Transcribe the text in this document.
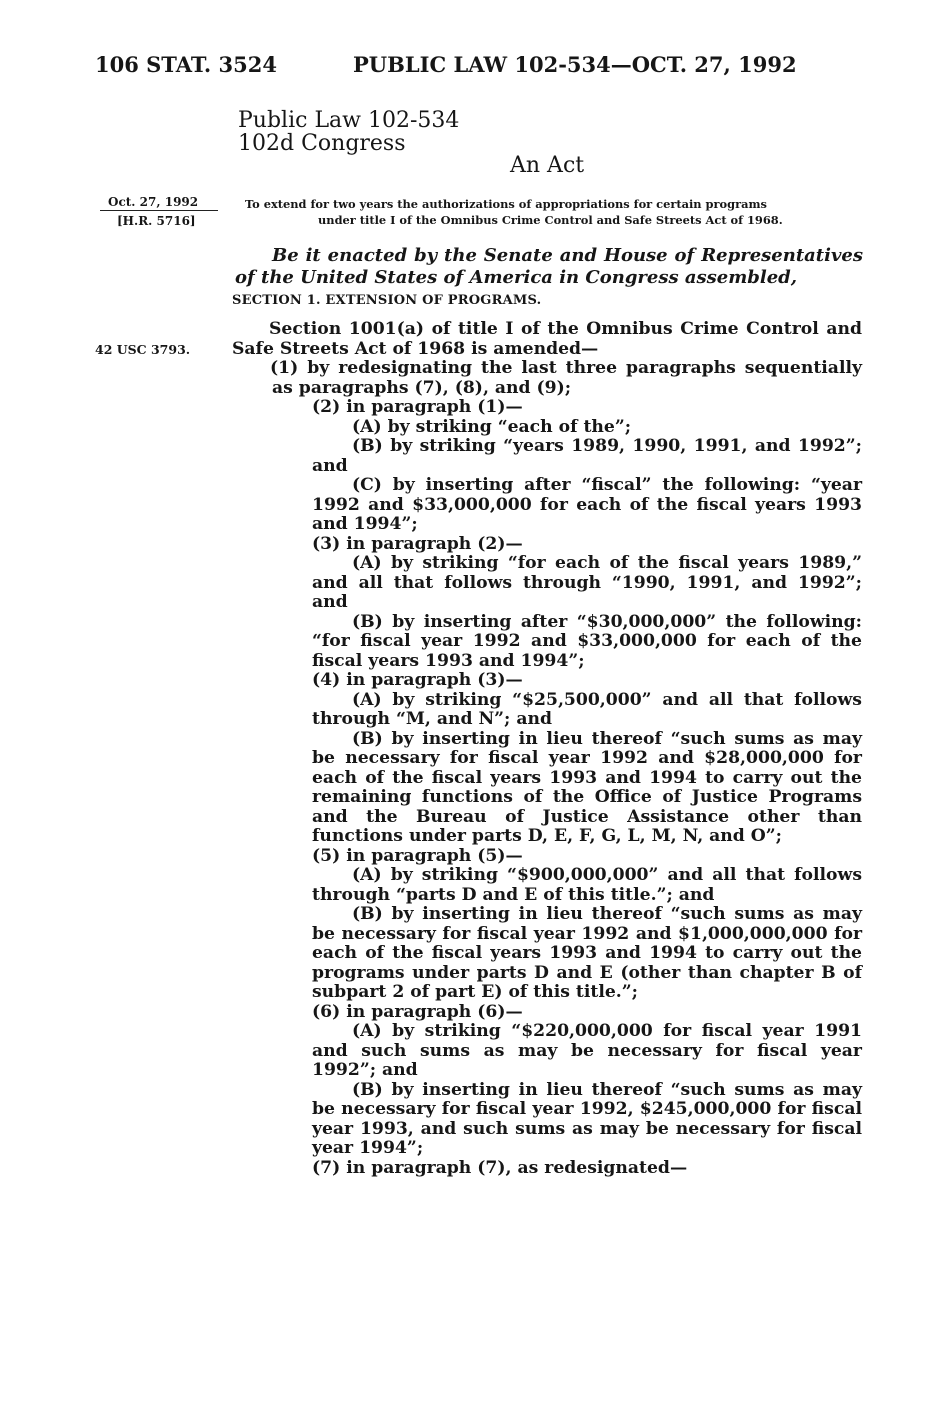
106 STAT. 3524	PUBLIC LAW 102-534—OCT. 27, 1992
Public Law 102-534
102d Congress
An Act
Oct. 27, 1992
[H.R. 5716]
To extend for two years the authorizations of appropriations for certain programs
under title I of the Omnibus Crime Control and Safe Streets Act of 1968.
Be it enacted by the Senate and House of Representatives of the United States of America in Congress assembled,
SECTION 1. EXTENSION OF PROGRAMS.
42 USC 3793.

Section 1001(a) of title I of the Omnibus Crime Control and Safe Streets Act of 1968 is amended—

(1) by redesignating the last three paragraphs sequentially as paragraphs (7), (8), and (9);

(2) in paragraph (1)—

(A) by striking “each of the”;

(B) by striking “years 1989, 1990, 1991, and 1992”; and

(C) by inserting after “fiscal” the following: “year 1992 and $33,000,000 for each of the fiscal years 1993 and 1994”;

(3) in paragraph (2)—

(A) by striking “for each of the fiscal years 1989,” and all that follows through “1990, 1991, and 1992”; and

(B) by inserting after “$30,000,000” the following: “for fiscal year 1992 and $33,000,000 for each of the fiscal years 1993 and 1994”;

(4) in paragraph (3)—

(A) by striking “$25,500,000” and all that follows through “M, and N”; and

(B) by inserting in lieu thereof “such sums as may be necessary for fiscal year 1992 and $28,000,000 for each of the fiscal years 1993 and 1994 to carry out the remaining functions of the Office of Justice Programs and the Bureau of Justice Assistance other than functions under parts D, E, F, G, L, M, N, and O”;

(5) in paragraph (5)—

(A) by striking “$900,000,000” and all that follows through “parts D and E of this title.”; and

(B) by inserting in lieu thereof “such sums as may be necessary for fiscal year 1992 and $1,000,000,000 for each of the fiscal years 1993 and 1994 to carry out the programs under parts D and E (other than chapter B of subpart 2 of part E) of this title.”;

(6) in paragraph (6)—

(A) by striking “$220,000,000 for fiscal year 1991 and such sums as may be necessary for fiscal year 1992”; and

(B) by inserting in lieu thereof “such sums as may be necessary for fiscal year 1992, $245,000,000 for fiscal year 1993, and such sums as may be necessary for fiscal year 1994”;

(7) in paragraph (7), as redesignated—
